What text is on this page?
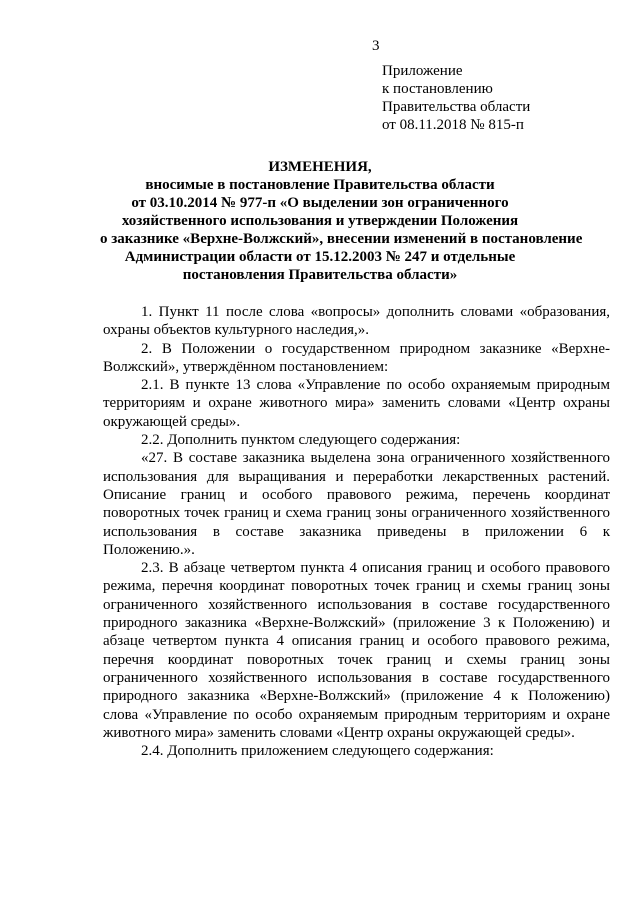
3
Приложение
к постановлению
Правительства области
от 08.11.2018 № 815-п
ИЗМЕНЕНИЯ,
вносимые в постановление Правительства области
от 03.10.2014 № 977-п «О выделении зон ограниченного
хозяйственного использования и утверждении Положения
о заказнике «Верхне-Волжский», внесении изменений в постановление
Администрации области от 15.12.2003 № 247 и отдельные
постановления Правительства области»

1. Пункт 11 после слова «вопросы» дополнить словами «образования, охраны объектов культурного наследия,».

2. В Положении о государственном природном заказнике «Верхне-Волжский», утверждённом постановлением:

2.1. В пункте 13 слова «Управление по особо охраняемым природным территориям и охране животного мира» заменить словами «Центр охраны окружающей среды».

2.2. Дополнить пунктом следующего содержания:

«27. В составе заказника выделена зона ограниченного хозяйственного использования для выращивания и переработки лекарственных растений. Описание границ и особого правового режима, перечень координат поворотных точек границ и схема границ зоны ограниченного хозяйственного использования в составе заказника приведены в приложении 6 к Положению.».

2.3. В абзаце четвертом пункта 4 описания границ и особого правового режима, перечня координат поворотных точек границ и схемы границ зоны ограниченного хозяйственного использования в составе государственного природного заказника «Верхне-Волжский» (приложение 3 к Положению) и абзаце четвертом пункта 4 описания границ и особого правового режима, перечня координат поворотных точек границ и схемы границ зоны ограниченного хозяйственного использования в составе государственного природного заказника «Верхне-Волжский» (приложение 4 к Положению) слова «Управление по особо охраняемым природным территориям и охране животного мира» заменить словами «Центр охраны окружающей среды».

2.4. Дополнить приложением следующего содержания:
